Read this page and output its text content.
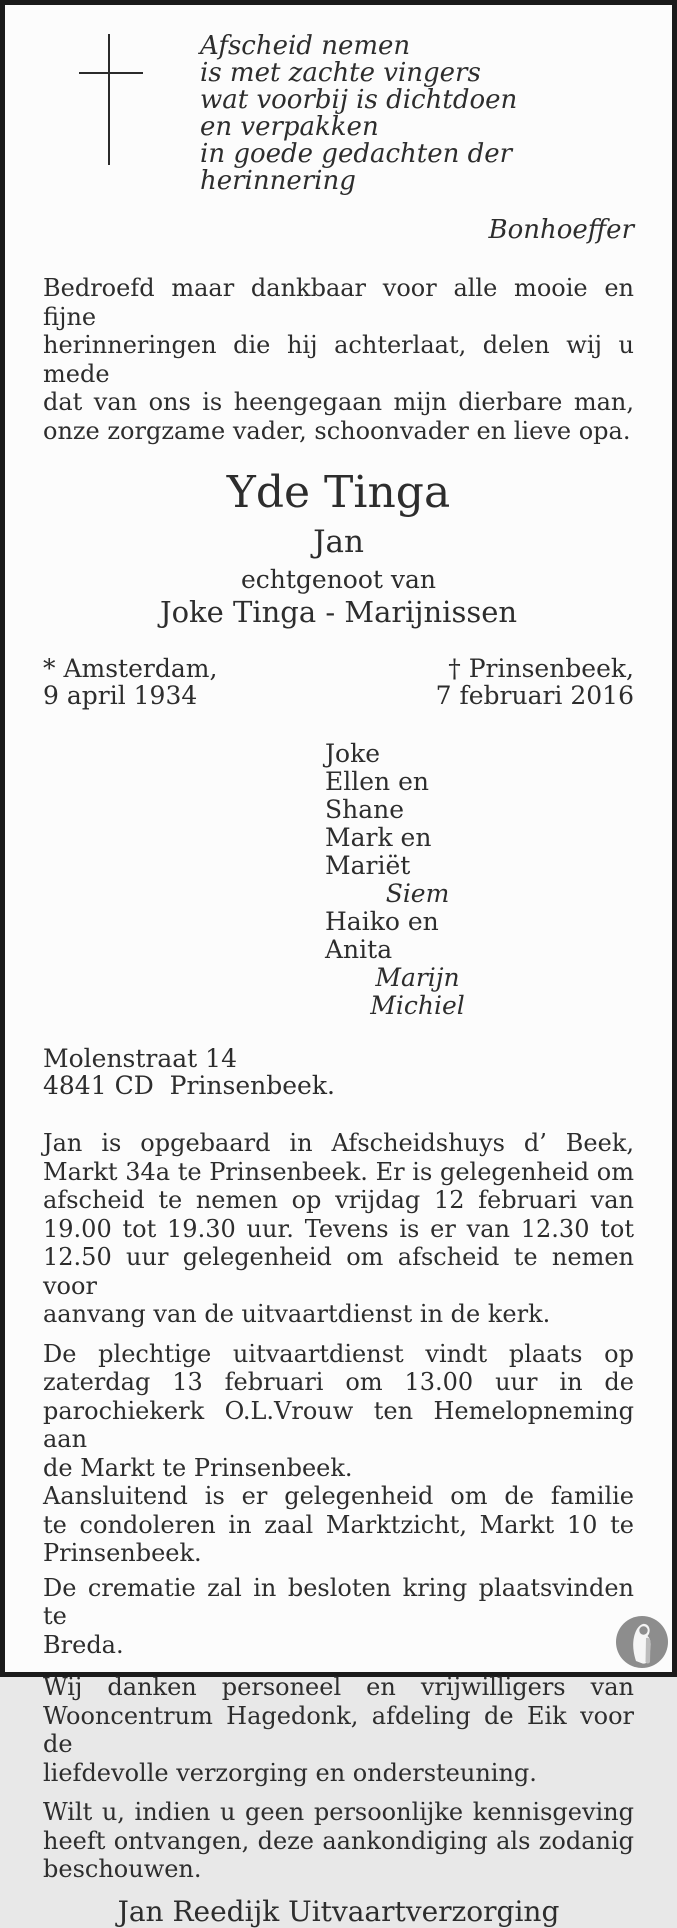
Afscheid nemen
is met zachte vingers
wat voorbij is dichtdoen
en verpakken
in goede gedachten der herinnering
Bonhoeffer
Bedroefd maar dankbaar voor alle mooie en fijne
herinneringen die hij achterlaat, delen wij u mede
dat van ons is heengegaan mijn dierbare man,
onze zorgzame vader, schoonvader en lieve opa.
Yde Tinga
Jan
echtgenoot van
Joke Tinga - Marijnissen
* Amsterdam,
9 april 1934
† Prinsenbeek,
7 februari 2016
Joke
Ellen en Shane
Mark en Mariët
Siem
Haiko en Anita
Marijn
Michiel
Molenstraat 14
4841 CD  Prinsenbeek.
Jan is opgebaard in Afscheidshuys d’ Beek,
Markt 34a te Prinsenbeek. Er is gelegenheid om
afscheid te nemen op vrijdag 12 februari van
19.00 tot 19.30 uur. Tevens is er van 12.30 tot
12.50 uur gelegenheid om afscheid te nemen voor
aanvang van de uitvaartdienst in de kerk.
De plechtige uitvaartdienst vindt plaats op
zaterdag 13 februari om 13.00 uur in de
parochiekerk O.L.Vrouw ten Hemelopneming aan
de Markt te Prinsenbeek.
Aansluitend is er gelegenheid om de familie
te condoleren in zaal Marktzicht, Markt 10 te
Prinsenbeek.
De crematie zal in besloten kring plaatsvinden te
Breda.
Wij danken personeel en vrijwilligers van
Wooncentrum Hagedonk, afdeling de Eik voor de
liefdevolle verzorging en ondersteuning.
Wilt u, indien u geen persoonlijke kennisgeving
heeft ontvangen, deze aankondiging als zodanig
beschouwen.
Jan Reedijk Uitvaartverzorging
